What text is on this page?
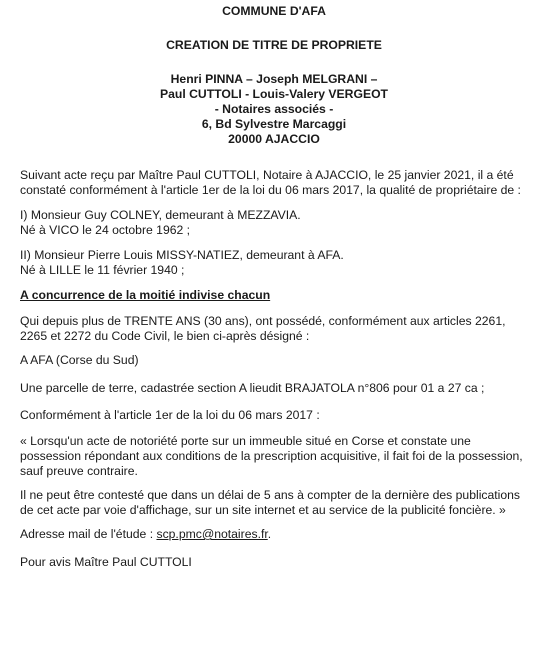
COMMUNE D'AFA
CREATION DE TITRE DE PROPRIETE
Henri PINNA – Joseph MELGRANI –
Paul CUTTOLI - Louis-Valery VERGEOT
- Notaires associés -
6, Bd Sylvestre Marcaggi
20000 AJACCIO

Suivant acte reçu par Maître Paul CUTTOLI, Notaire à AJACCIO, le 25 janvier 2021, il a été

constaté conformément à l'article 1er de la loi du 06 mars 2017, la qualité de propriétaire de :

I) Monsieur Guy COLNEY, demeurant à MEZZAVIA.

Né à VICO le 24 octobre 1962 ;

II) Monsieur Pierre Louis MISSY-NATIEZ, demeurant à AFA.

Né à LILLE le 11 février 1940 ;

A concurrence de la moitié indivise chacun

Qui depuis plus de TRENTE ANS (30 ans), ont possédé, conformément aux articles 2261,

2265 et 2272 du Code Civil, le bien ci-après désigné :

A AFA (Corse du Sud)
Une parcelle de terre, cadastrée section A lieudit BRAJATOLA n°806 pour 01 a 27 ca ;
Conformément à l'article 1er de la loi du 06 mars 2017 :

« Lorsqu'un acte de notoriété porte sur un immeuble situé en Corse et constate une

possession répondant aux conditions de la prescription acquisitive, il fait foi de la possession,

sauf preuve contraire.

Il ne peut être contesté que dans un délai de 5 ans à compter de la dernière des publications

de cet acte par voie d'affichage, sur un site internet et au service de la publicité foncière. »

Adresse mail de l'étude : scp.pmc@notaires.fr.
Pour avis Maître Paul CUTTOLI
